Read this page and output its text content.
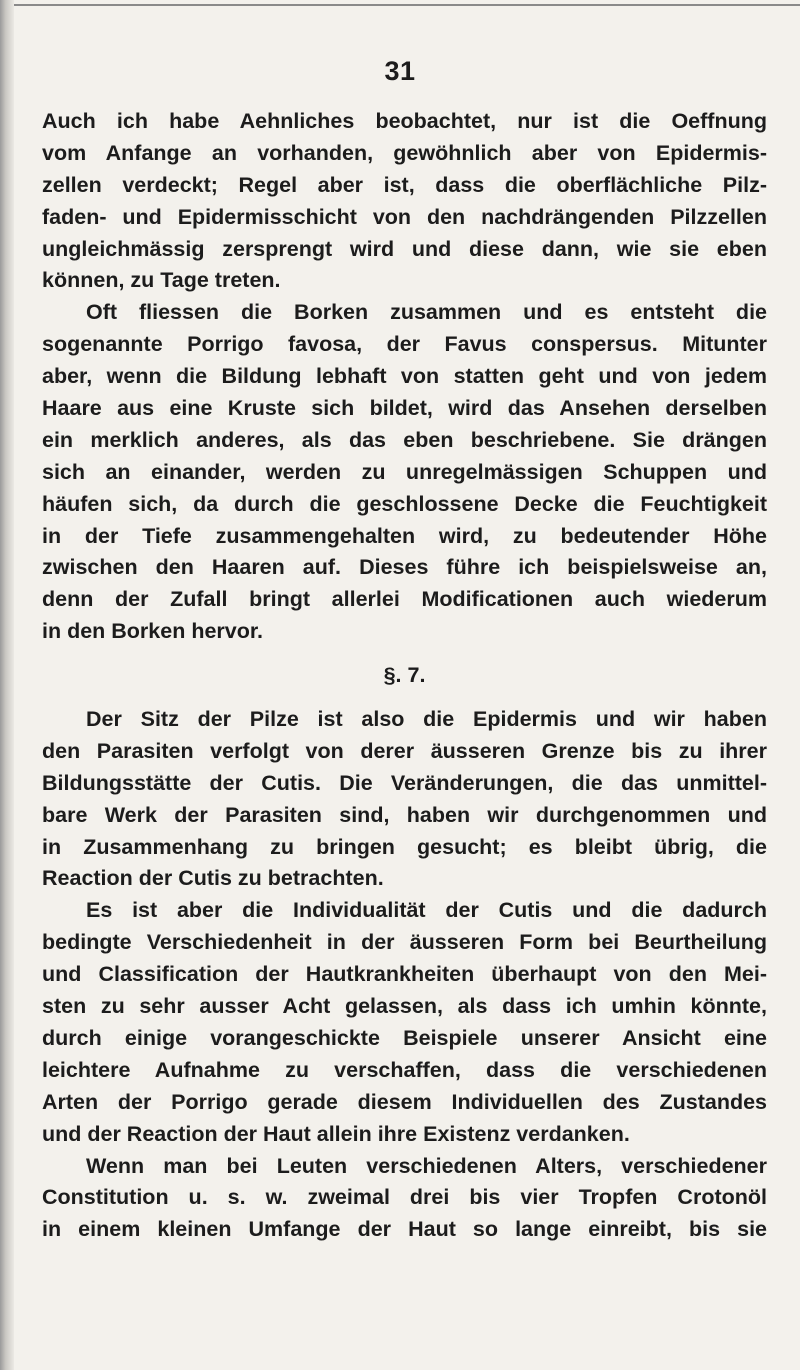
31
Auch ich habe Aehnliches beobachtet, nur ist die Oeffnung
vom Anfange an vorhanden, gewöhnlich aber von Epidermis-
zellen verdeckt; Regel aber ist, dass die oberflächliche Pilz-
faden- und Epidermisschicht von den nachdrängenden Pilzzellen
ungleichmässig zersprengt wird und diese dann, wie sie eben
können, zu Tage treten.
Oft fliessen die Borken zusammen und es entsteht die
sogenannte Porrigo favosa, der Favus conspersus. Mitunter
aber, wenn die Bildung lebhaft von statten geht und von jedem
Haare aus eine Kruste sich bildet, wird das Ansehen derselben
ein merklich anderes, als das eben beschriebene. Sie drängen
sich an einander, werden zu unregelmässigen Schuppen und
häufen sich, da durch die geschlossene Decke die Feuchtigkeit
in der Tiefe zusammengehalten wird, zu bedeutender Höhe
zwischen den Haaren auf. Dieses führe ich beispielsweise an,
denn der Zufall bringt allerlei Modificationen auch wiederum
in den Borken hervor.
§. 7.
Der Sitz der Pilze ist also die Epidermis und wir haben
den Parasiten verfolgt von derer äusseren Grenze bis zu ihrer
Bildungsstätte der Cutis. Die Veränderungen, die das unmittel-
bare Werk der Parasiten sind, haben wir durchgenommen und
in Zusammenhang zu bringen gesucht; es bleibt übrig, die
Reaction der Cutis zu betrachten.
Es ist aber die Individualität der Cutis und die dadurch
bedingte Verschiedenheit in der äusseren Form bei Beurtheilung
und Classification der Hautkrankheiten überhaupt von den Mei-
sten zu sehr ausser Acht gelassen, als dass ich umhin könnte,
durch einige vorangeschickte Beispiele unserer Ansicht eine
leichtere Aufnahme zu verschaffen, dass die verschiedenen
Arten der Porrigo gerade diesem Individuellen des Zustandes
und der Reaction der Haut allein ihre Existenz verdanken.
Wenn man bei Leuten verschiedenen Alters, verschiedener
Constitution u. s. w. zweimal drei bis vier Tropfen Crotonöl
in einem kleinen Umfange der Haut so lange einreibt, bis sie
